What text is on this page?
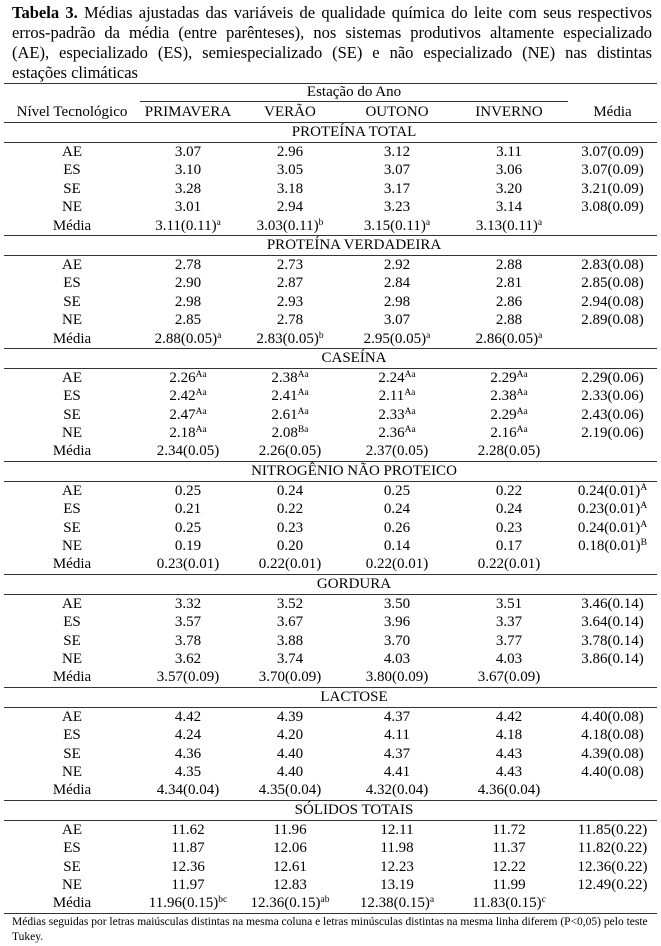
Tabela 3. Médias ajustadas das variáveis de qualidade química do leite com seus respectivos
erros-padrão da média (entre parênteses), nos sistemas produtivos altamente especializado
(AE), especializado (ES), semiespecializado (SE) e não especializado (NE) nas distintas
estações climáticas
Nível Tecnológico
Estação do Ano
PRIMAVERA	VERÃO	OUTONO	INVERNO	Média
PROTEÍNA TOTAL
AE	3.07	2.96	3.12	3.11	3.07(0.09)
ES	3.10	3.05	3.07	3.06	3.07(0.09)
SE	3.28	3.18	3.17	3.20	3.21(0.09)
NE	3.01	2.94	3.23	3.14	3.08(0.09)
Média	$3.11(0.11)^a$	$3.03(0.11)^b$	$3.15(0.11)^a$	$3.13(0.11)^a$
PROTEÍNA VERDADEIRA
AE	2.78	2.73	2.92	2.88	2.83(0.08)
ES	2.90	2.87	2.84	2.81	2.85(0.08)
SE	2.98	2.93	2.98	2.86	2.94(0.08)
NE	2.85	2.78	3.07	2.88	2.89(0.08)
Média	$2.88(0.05)^a$	$2.83(0.05)^b$	$2.95(0.05)^a$	$2.86(0.05)^a$
CASEÍNA
AE	$2.26^{Aa}$	$2.38^{Aa}$	$2.24^{Aa}$	$2.29^{Aa}$	2.29(0.06)
ES	$2.42^{Aa}$	$2.41^{Aa}$	$2.11^{Aa}$	$2.38^{Aa}$	2.33(0.06)
SE	$2.47^{Aa}$	$2.61^{Aa}$	$2.33^{Aa}$	$2.29^{Aa}$	2.43(0.06)
NE	$2.18^{Aa}$	$2.08^{Ba}$	$2.36^{Aa}$	$2.16^{Aa}$	2.19(0.06)
Média	2.34(0.05)	2.26(0.05)	2.37(0.05)	2.28(0.05)
NITROGÊNIO NÃO PROTEICO
AE	0.25	0.24	0.25	0.22	$0.24(0.01)^A$
ES	0.21	0.22	0.24	0.24	$0.23(0.01)^A$
SE	0.25	0.23	0.26	0.23	$0.24(0.01)^A$
NE	0.19	0.20	0.14	0.17	$0.18(0.01)^B$
Média	0.23(0.01)	0.22(0.01)	0.22(0.01)	0.22(0.01)
GORDURA
AE	3.32	3.52	3.50	3.51	3.46(0.14)
ES	3.57	3.67	3.96	3.37	3.64(0.14)
SE	3.78	3.88	3.70	3.77	3.78(0.14)
NE	3.62	3.74	4.03	4.03	3.86(0.14)
Média	3.57(0.09)	3.70(0.09)	3.80(0.09)	3.67(0.09)
LACTOSE
AE	4.42	4.39	4.37	4.42	4.40(0.08)
ES	4.24	4.20	4.11	4.18	4.18(0.08)
SE	4.36	4.40	4.37	4.43	4.39(0.08)
NE	4.35	4.40	4.41	4.43	4.40(0.08)
Média	4.34(0.04)	4.35(0.04)	4.32(0.04)	4.36(0.04)
SÓLIDOS TOTAIS
AE	11.62	11.96	12.11	11.72	11.85(0.22)
ES	11.87	12.06	11.98	11.37	11.82(0.22)
SE	12.36	12.61	12.23	12.22	12.36(0.22)
NE	11.97	12.83	13.19	11.99	12.49(0.22)
Média	$11.96(0.15)^{bc}$	$12.36(0.15)^{ab}$	$12.38(0.15)^a$	$11.83(0.15)^c$
Médias seguidas por letras maiúsculas distintas na mesma coluna e letras minúsculas distintas na mesma linha diferem (P<0,05) pelo teste Tukey.
